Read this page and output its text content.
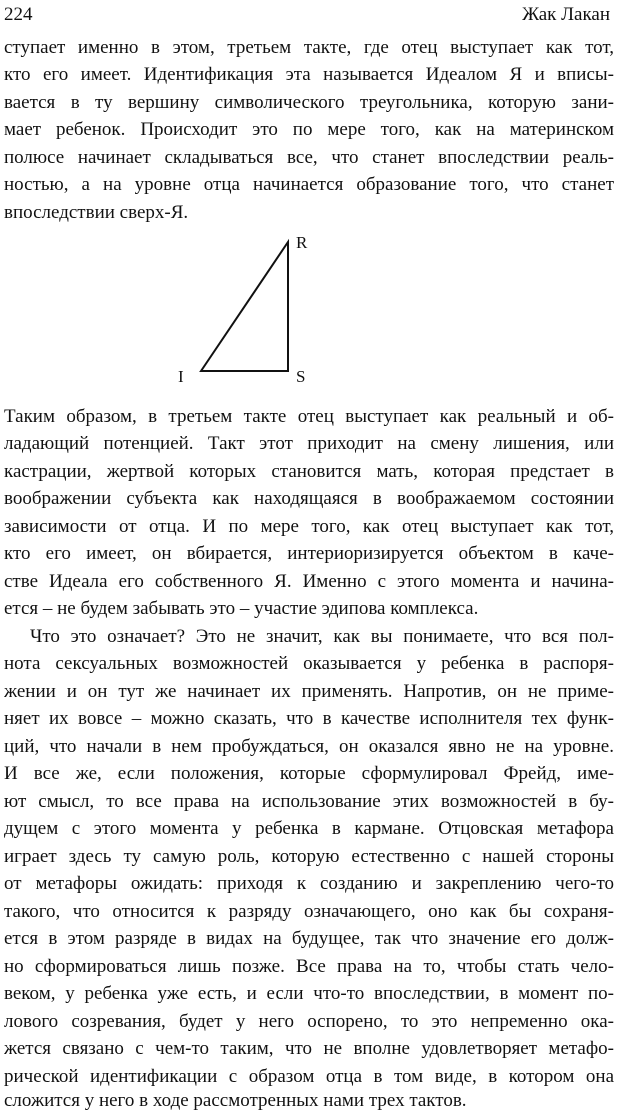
224	Жак Лакан
ступает именно в этом, третьем такте, где отец выступает как тот,
кто его имеет. Идентификация эта называется Идеалом Я и вписы-
вается в ту вершину символического треугольника, которую зани-
мает ребенок. Происходит это по мере того, как на материнском
полюсе начинает складываться все, что станет впоследствии реаль-
ностью, а на уровне отца начинается образование того, что станет
впоследствии сверх-Я.
R
I	S
Таким образом, в третьем такте отец выступает как реальный и об-
ладающий потенцией. Такт этот приходит на смену лишения, или
кастрации, жертвой которых становится мать, которая предстает в
воображении субъекта как находящаяся в воображаемом состоянии
зависимости от отца. И по мере того, как отец выступает как тот,
кто его имеет, он вбирается, интериоризируется объектом в каче-
стве Идеала его собственного Я. Именно с этого момента и начина-
ется – не будем забывать это – участие эдипова комплекса.
Что это означает? Это не значит, как вы понимаете, что вся пол-
нота сексуальных возможностей оказывается у ребенка в распоря-
жении и он тут же начинает их применять. Напротив, он не приме-
няет их вовсе – можно сказать, что в качестве исполнителя тех функ-
ций, что начали в нем пробуждаться, он оказался явно не на уровне.
И все же, если положения, которые сформулировал Фрейд, име-
ют смысл, то все права на использование этих возможностей в бу-
дущем с этого момента у ребенка в кармане. Отцовская метафора
играет здесь ту самую роль, которую естественно с нашей стороны
от метафоры ожидать: приходя к созданию и закреплению чего-то
такого, что относится к разряду означающего, оно как бы сохраня-
ется в этом разряде в видах на будущее, так что значение его долж-
но сформироваться лишь позже. Все права на то, чтобы стать чело-
веком, у ребенка уже есть, и если что-то впоследствии, в момент по-
лового созревания, будет у него оспорено, то это непременно ока-
жется связано с чем-то таким, что не вполне удовлетворяет метафо-
рической идентификации с образом отца в том виде, в котором она
сложится у него в ходе рассмотренных нами трех тактов.
